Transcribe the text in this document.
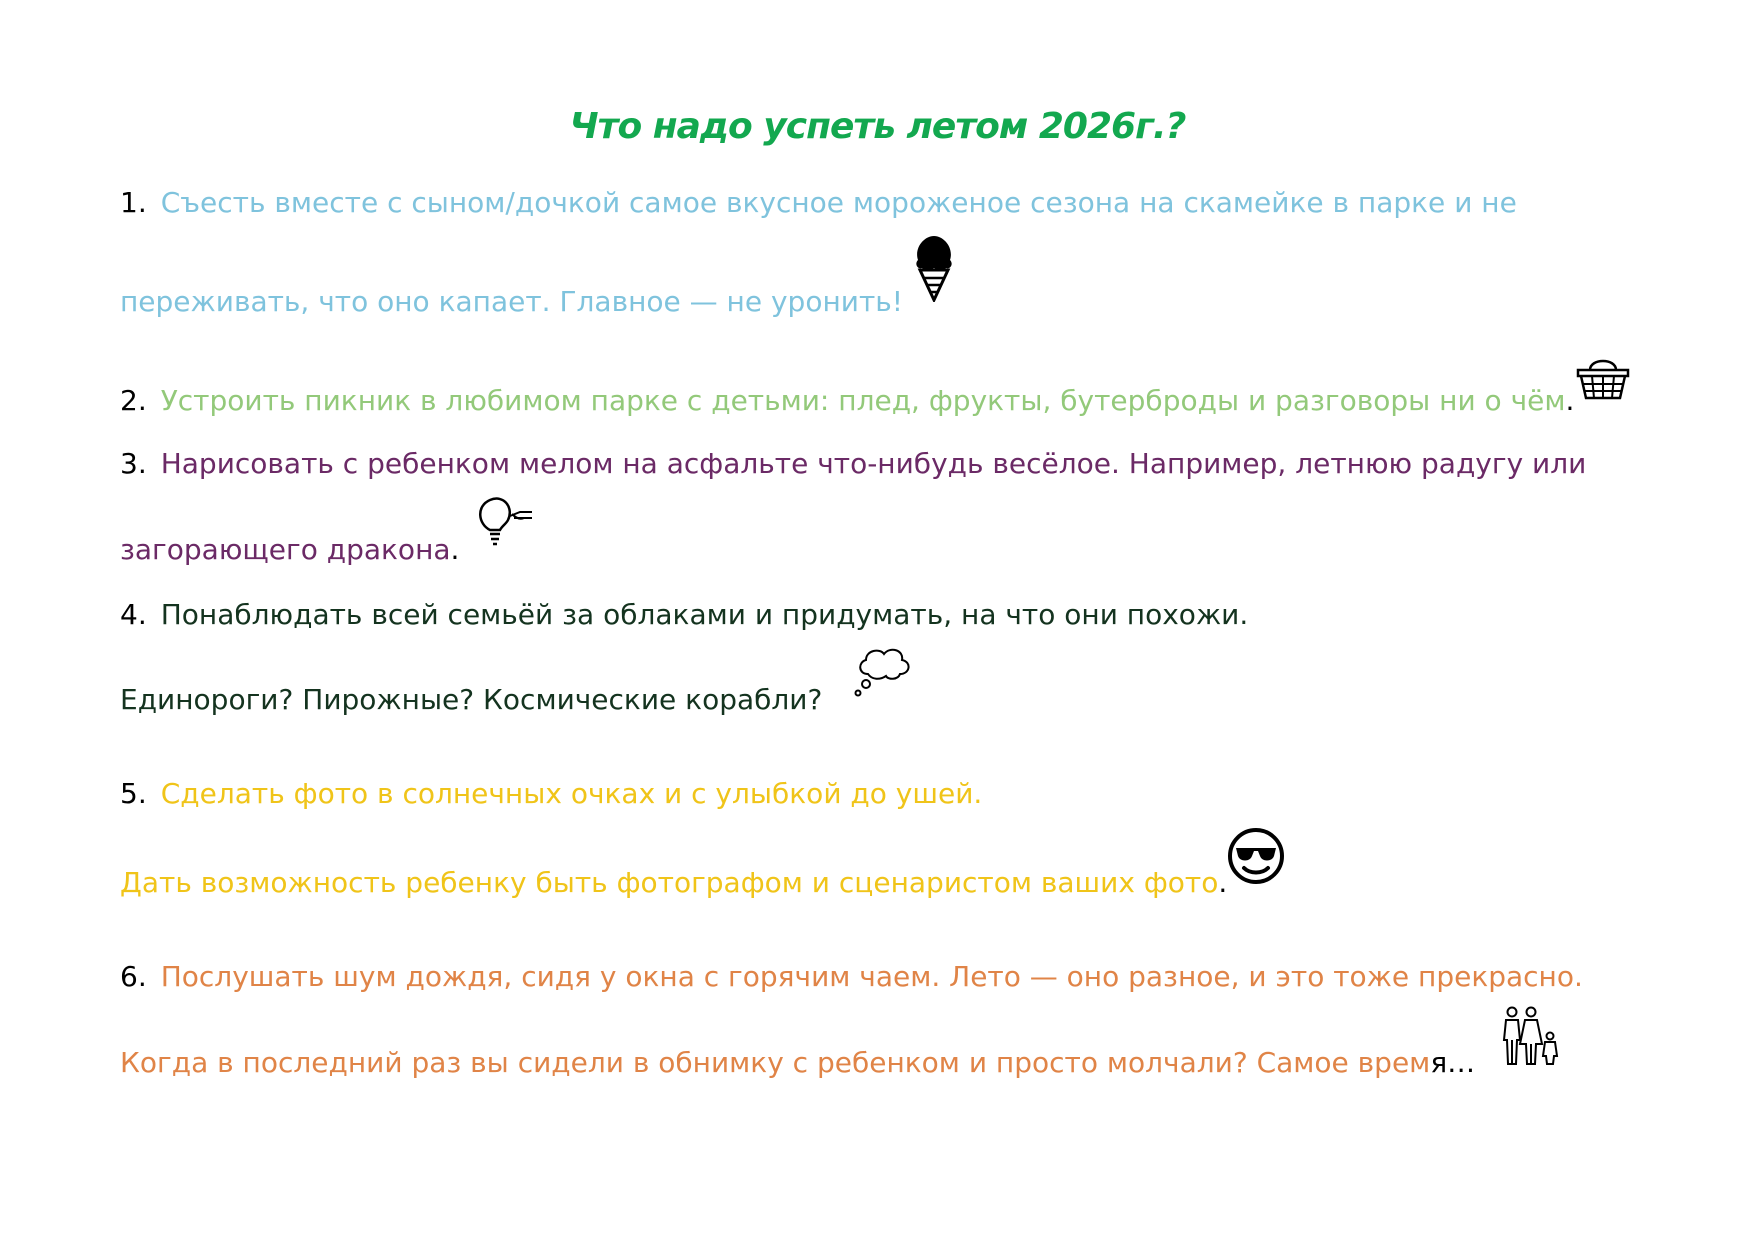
Что надо успеть летом 2026г.?
1. Съесть вместе с сыном/дочкой самое вкусное мороженое сезона на скамейке в парке и не
переживать, что оно капает. Главное — не уронить!
2. Устроить пикник в любимом парке с детьми: плед, фрукты, бутерброды и разговоры ни о чём.
3. Нарисовать с ребенком мелом на асфальте что-нибудь весёлое. Например, летнюю радугу или
загорающего дракона.
4. Понаблюдать всей семьёй за облаками и придумать, на что они похожи.
Единороги? Пирожные? Космические корабли?
5. Сделать фото в солнечных очках и с улыбкой до ушей.
Дать возможность ребенку быть фотографом и сценаристом ваших фото.
6. Послушать шум дождя, сидя у окна с горячим чаем. Лето — оно разное, и это тоже прекрасно.
Когда в последний раз вы сидели в обнимку с ребенком и просто молчали? Самое время…
